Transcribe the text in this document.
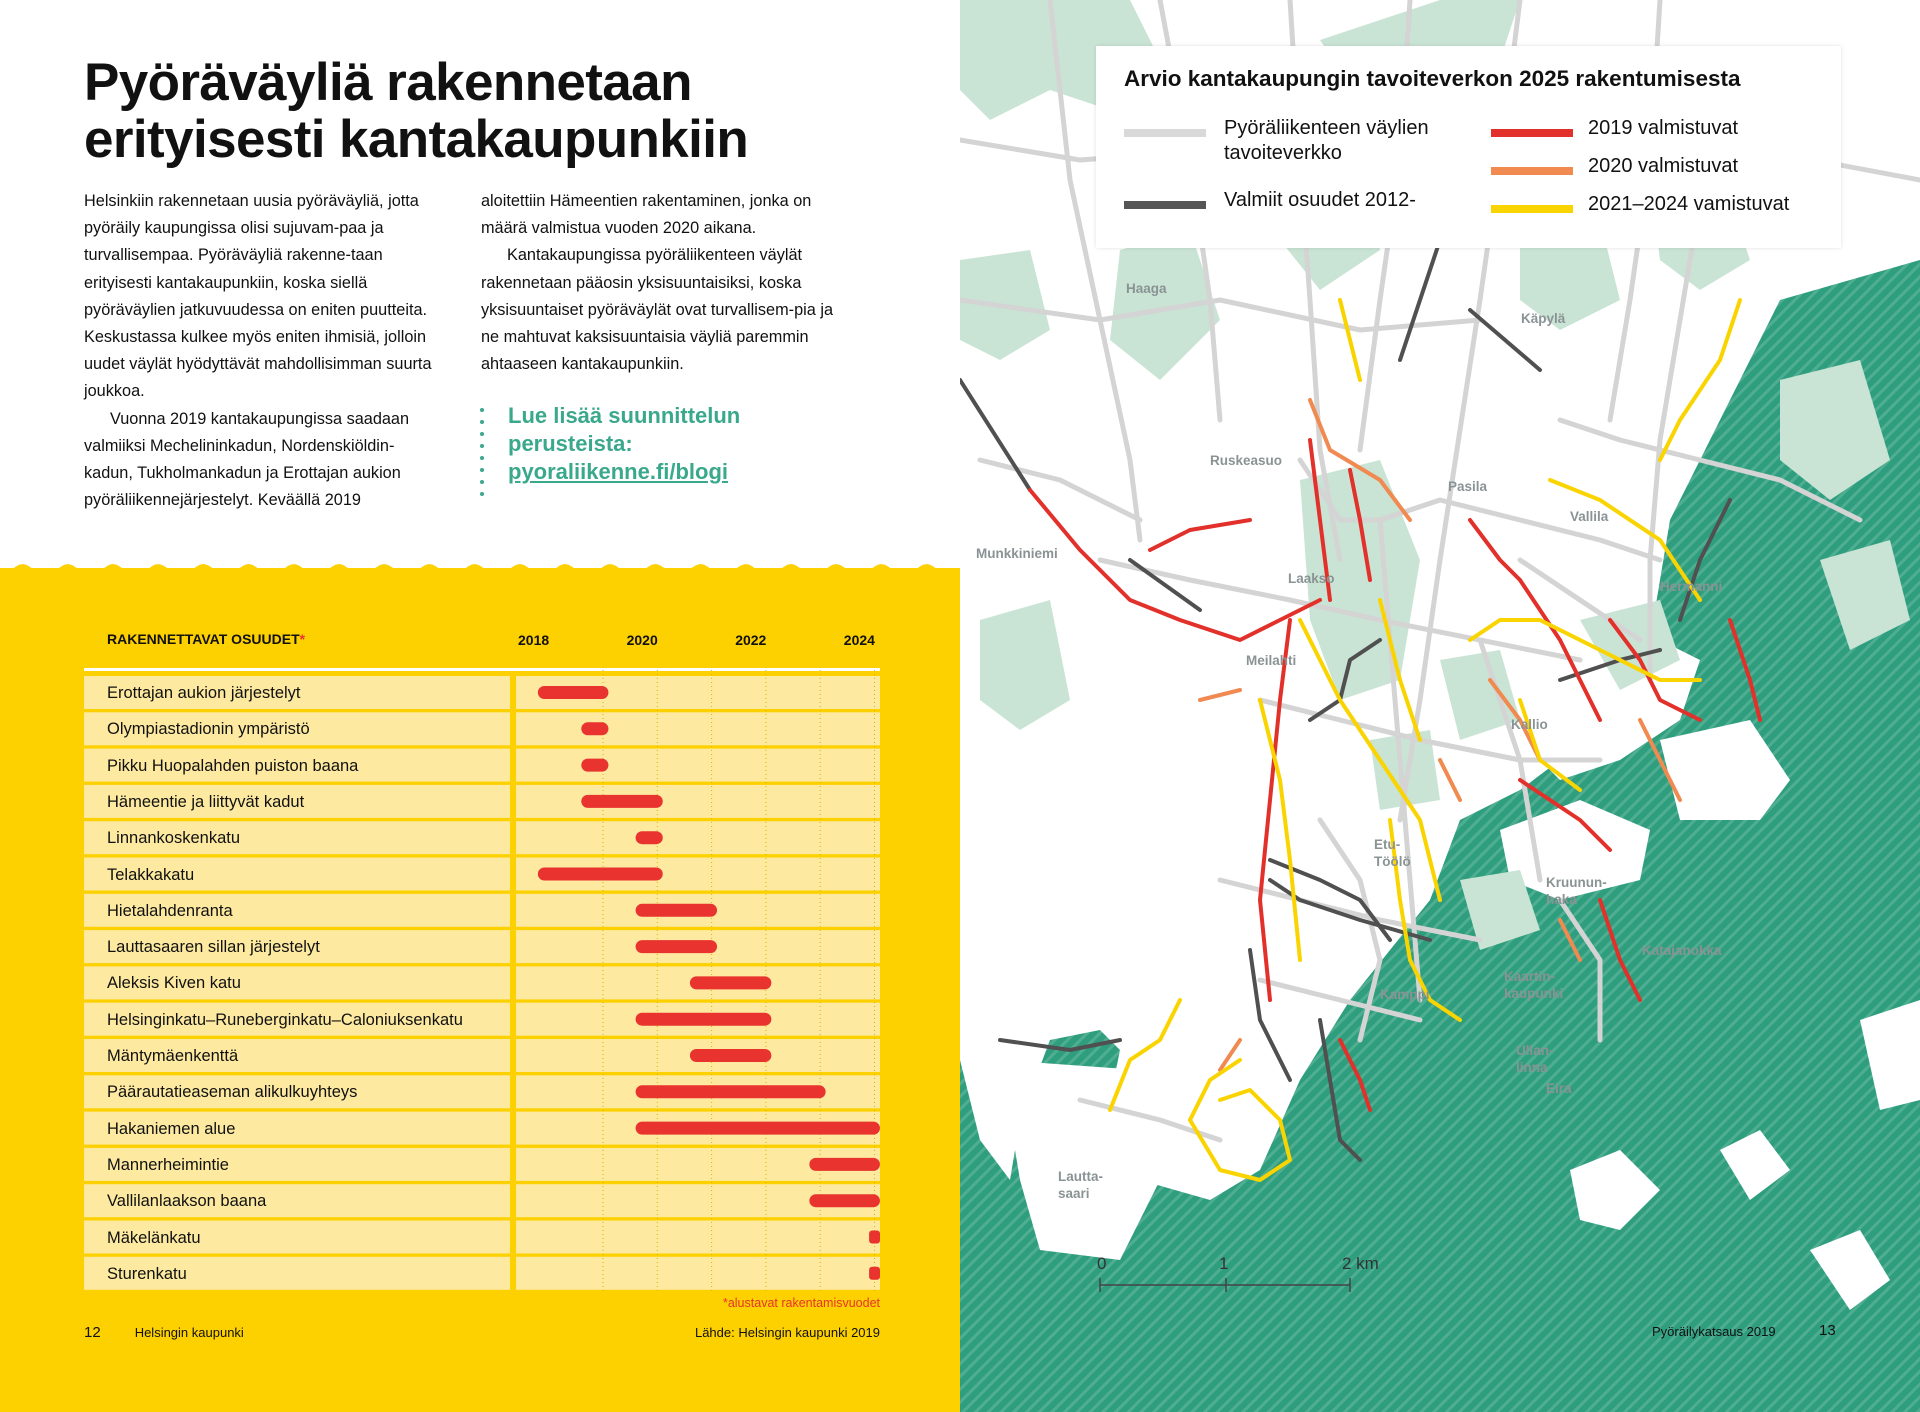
Pyöräväyliä rakennetaan
erityisesti kantakaupunkiin

Helsinkiin rakennetaan uusia pyöräväyliä, jotta pyöräily kaupungissa olisi sujuvam-paa ja turvallisempaa. Pyöräväyliä rakenne-taan erityisesti kantakaupunkiin, koska siellä pyöräväylien jatkuvuudessa on eniten puutteita. Keskustassa kulkee myös eniten ihmisiä, jolloin uudet väylät hyödyttävät mahdollisimman suurta joukkoa.

Vuonna 2019 kantakaupungissa saadaan valmiiksi Mechelininkadun, Nordenskiöldin-kadun, Tukholmankadun ja Erottajan aukion pyöräliikennejärjestelyt. Keväällä 2019

aloitettiin Hämeentien rakentaminen, jonka on määrä valmistua vuoden 2020 aikana.

Kantakaupungissa pyöräliikenteen väylät rakennetaan pääosin yksisuuntaisiksi, koska yksisuuntaiset pyöräväylät ovat turvallisem-pia ja ne mahtuvat kaksisuuntaisia väyliä paremmin ahtaaseen kantakaupunkiin.

Lue lisää suunnittelun
perusteista:
pyoraliikenne.fi/blogi
RAKENNETTAVAT OSUUDET*	2018	2020	2022	2024
Erottajan aukion järjestelyt
Olympiastadionin ympäristö
Pikku Huopalahden puiston baana
Hämeentie ja liittyvät kadut
Linnankoskenkatu
Telakkakatu
Hietalahdenranta
Lauttasaaren sillan järjestelyt
Aleksis Kiven katu
Helsinginkatu–Runeberginkatu–Caloniuksenkatu
Mäntymäenkenttä
Päärautatieaseman alikulkuyhteys
Hakaniemen alue
Mannerheimintie
Vallilanlaakson baana
Mäkelänkatu
Sturenkatu
*alustavat rakentamisvuodet
Lähde: Helsingin kaupunki 2019
12	Helsingin kaupunki
Haaga
Käpylä
Ruskeasuo
Pasila
Vallila
Munkkiniemi
Laakso
Hermanni
Meilahti
Kallio
Etu-
Töölö
Kruunun-
haka
Katajanokka
Kamppi
Kaartin-
kaupunki
Ullan-
linna
Eira
Lautta-
saari
0	1	2 km
Arvio kantakaupungin tavoiteverkon 2025 rakentumisesta
Pyöräliikenteen väylien
tavoiteverkko
Valmiit osuudet 2012-
2019 valmistuvat
2020 valmistuvat
2021–2024 vamistuvat
Pyöräilykatsaus 2019	13
